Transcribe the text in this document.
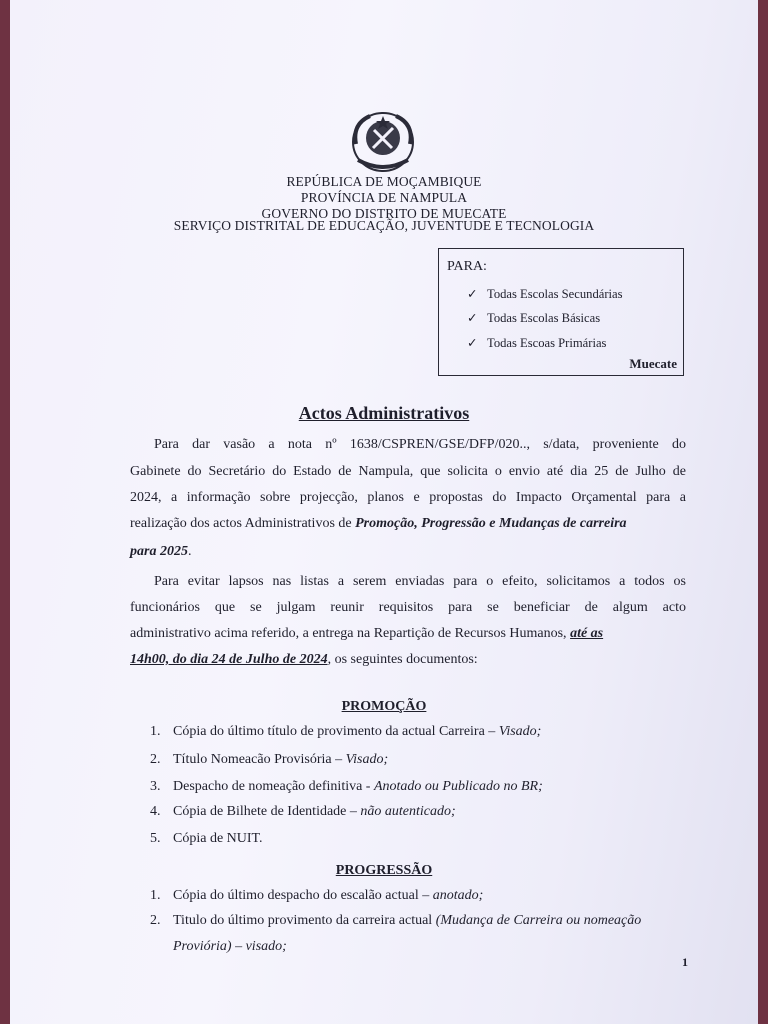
REPÚBLICA DE MOÇAMBIQUE
PROVÍNCIA DE NAMPULA
GOVERNO DO DISTRITO DE MUECATE
SERVIÇO DISTRITAL DE EDUCAÇÃO, JUVENTUDE E TECNOLOGIA
PARA:
✓ Todas Escolas Secundárias
✓ Todas Escolas Básicas
✓ Todas Escoas Primárias
Muecate
Actos Administrativos
Para dar vasão a nota nº 1638/CSPREN/GSE/DFP/020.., s/data, proveniente do
Gabinete do Secretário do Estado de Nampula, que solicita o envio até dia 25 de Julho de
2024, a informação sobre projecção, planos e propostas do Impacto Orçamental para a
realização dos actos Administrativos de Promoção, Progressão e Mudanças de carreira
para 2025.
Para evitar lapsos nas listas a serem enviadas para o efeito, solicitamos a todos os
funcionários que se julgam reunir requisitos para se beneficiar de algum acto
administrativo acima referido, a entrega na Repartição de Recursos Humanos, até as
14h00, do dia 24 de Julho de 2024, os seguintes documentos:
PROMOÇÃO
1. Cópia do último título de provimento da actual Carreira – Visado;
2. Título Nomeacão Provisória – Visado;
3. Despacho de nomeação definitiva - Anotado ou Publicado no BR;
4. Cópia de Bilhete de Identidade – não autenticado;
5. Cópia de NUIT.
PROGRESSÃO
1. Cópia do último despacho do escalão actual – anotado;
2. Titulo do último provimento da carreira actual (Mudança de Carreira ou nomeação
Proviória) – visado;
1
